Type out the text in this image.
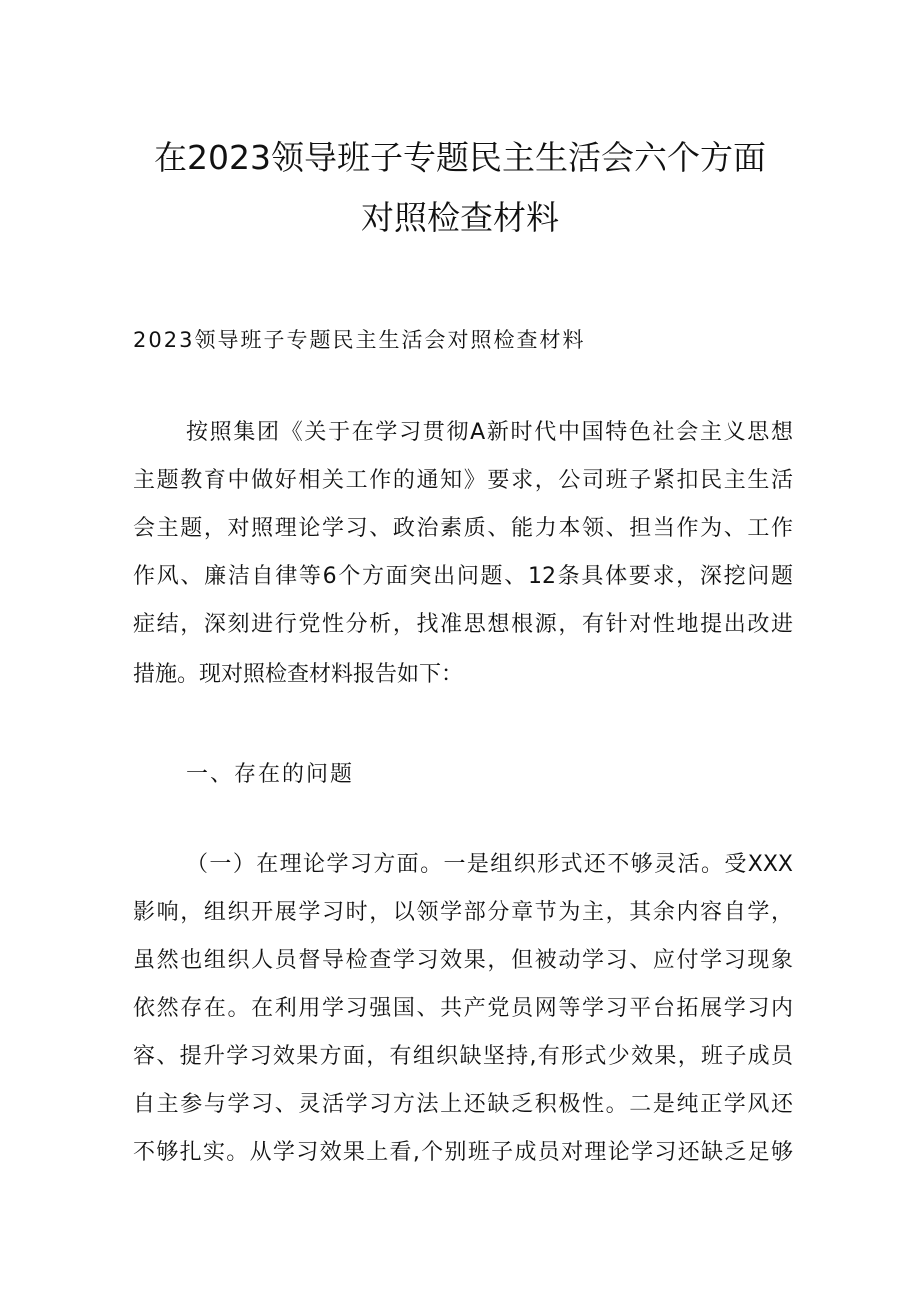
在2023领导班子专题民主生活会六个方面
对照检查材料
2023领导班子专题民主生活会对照检查材料
按照集团《关于在学习贯彻A新时代中国特色社会主义思想
主题教育中做好相关工作的通知》要求，公司班子紧扣民主生活
会主题，对照理论学习、政治素质、能力本领、担当作为、工作
作风、廉洁自律等6个方面突出问题、12条具体要求，深挖问题
症结，深刻进行党性分析，找准思想根源，有针对性地提出改进
措施。现对照检查材料报告如下：
一、存在的问题
（一）在理论学习方面。一是组织形式还不够灵活。受XXX
影响，组织开展学习时，以领学部分章节为主，其余内容自学，
虽然也组织人员督导检查学习效果，但被动学习、应付学习现象
依然存在。在利用学习强国、共产党员网等学习平台拓展学习内
容、提升学习效果方面，有组织缺坚持,有形式少效果，班子成员
自主参与学习、灵活学习方法上还缺乏积极性。二是纯正学风还
不够扎实。从学习效果上看,个别班子成员对理论学习还缺乏足够
